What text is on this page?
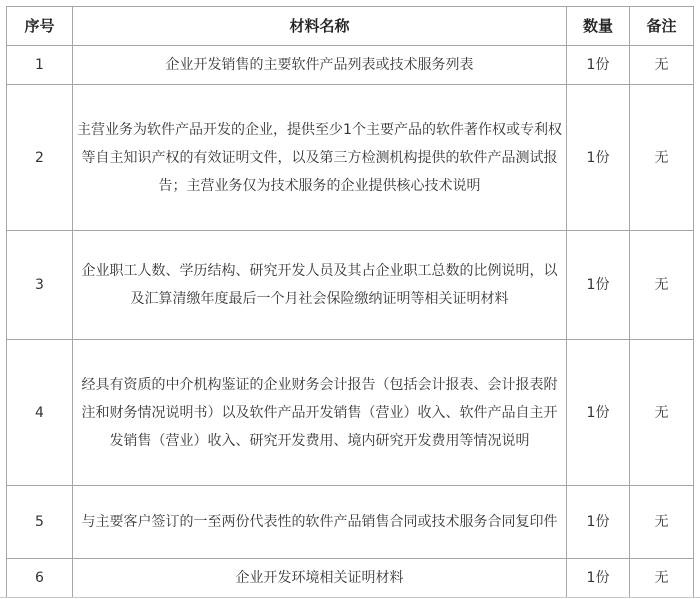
序号	材料名称	数量	备注
1	企业开发销售的主要软件产品列表或技术服务列表	1份	无
2	主营业务为软件产品开发的企业，提供至少1个主要产品的软件著作权或专利权等自主知识产权的有效证明文件，以及第三方检测机构提供的软件产品测试报告；主营业务仅为技术服务的企业提供核心技术说明	1份	无
3	企业职工人数、学历结构、研究开发人员及其占企业职工总数的比例说明，以及汇算清缴年度最后一个月社会保险缴纳证明等相关证明材料	1份	无
4	经具有资质的中介机构鉴证的企业财务会计报告（包括会计报表、会计报表附注和财务情况说明书）以及软件产品开发销售（营业）收入、软件产品自主开发销售（营业）收入、研究开发费用、境内研究开发费用等情况说明	1份	无
5	与主要客户签订的一至两份代表性的软件产品销售合同或技术服务合同复印件	1份	无
6	企业开发环境相关证明材料	1份	无
